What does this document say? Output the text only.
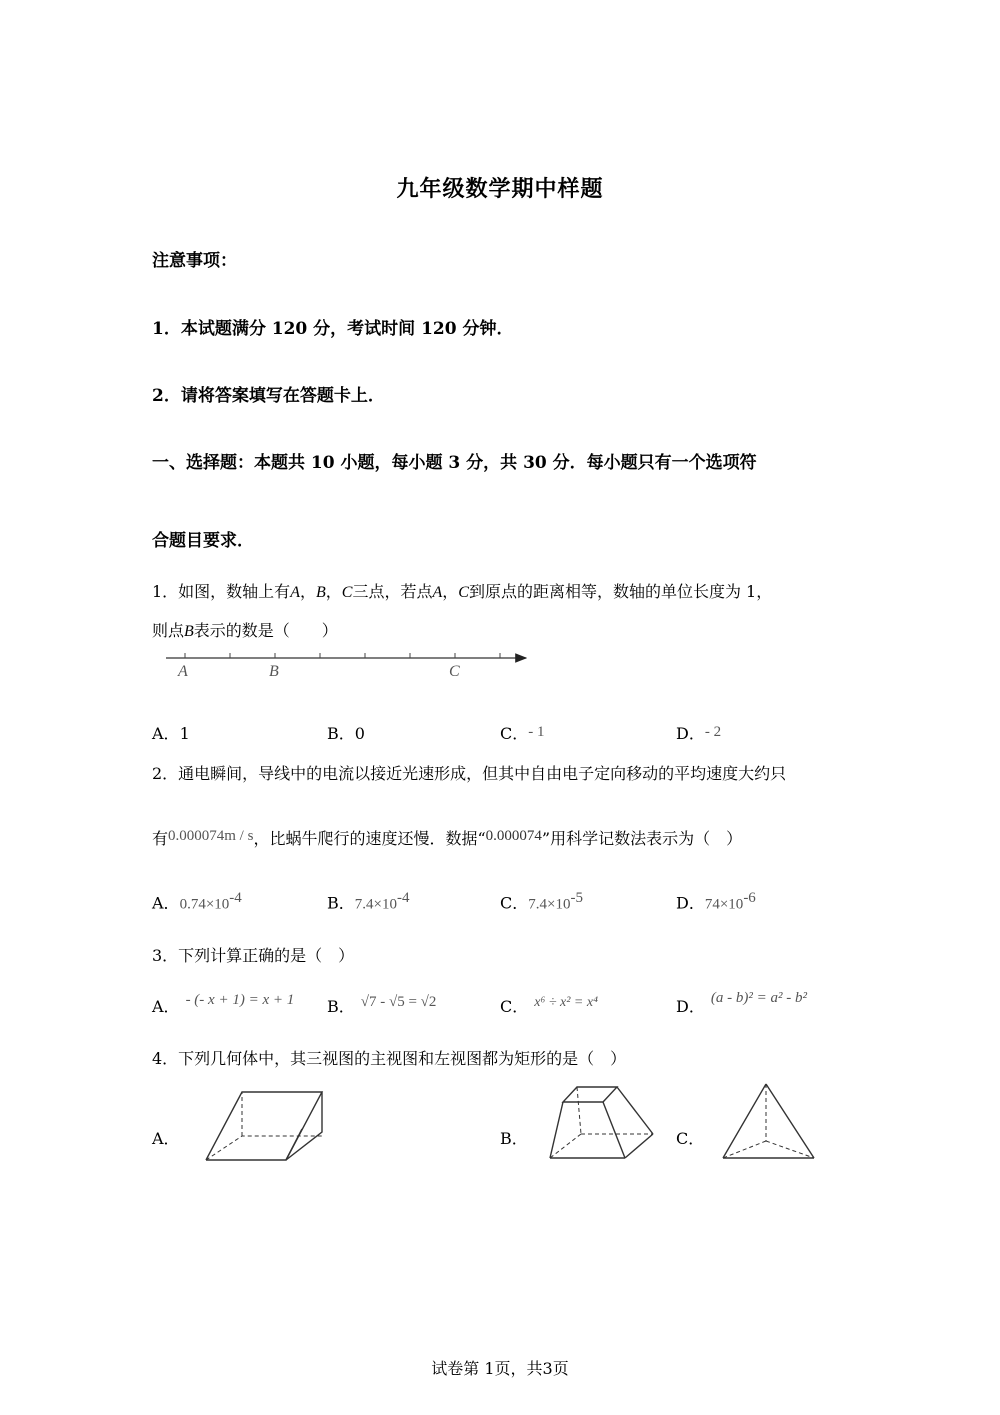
九年级数学期中样题
注意事项：
1．本试题满分 120 分，考试时间 120 分钟．
2．请将答案填写在答题卡上．
一、选择题：本题共 10 小题，每小题 3 分，共 30 分．每小题只有一个选项符
合题目要求．
1．如图，数轴上有A，B，C三点，若点A，C到原点的距离相等，数轴的单位长度为 1，
则点B表示的数是（　　）
A	B	C
A．1	B．0	C．- 1	D．- 2
2．通电瞬间，导线中的电流以接近光速形成，但其中自由电子定向移动的平均速度大约只
有0.000074m / s，比蜗牛爬行的速度还慢．数据“0.000074”用科学记数法表示为（　）
A．$0.74\times 10^{-4}$	B．$7.4\times 10^{-4}$	C．$7.4\times 10^{-5}$	D．$74\times 10^{-6}$
3．下列计算正确的是（　）
A． - (- x + 1) = x + 1 B． √7 - √5 = √2	C． x⁶ ÷ x² = x⁴	D． (a - b)² = a² - b²
4．下列几何体中，其三视图的主视图和左视图都为矩形的是（　）
A．	B．	C．
试卷第 1页，共3页
